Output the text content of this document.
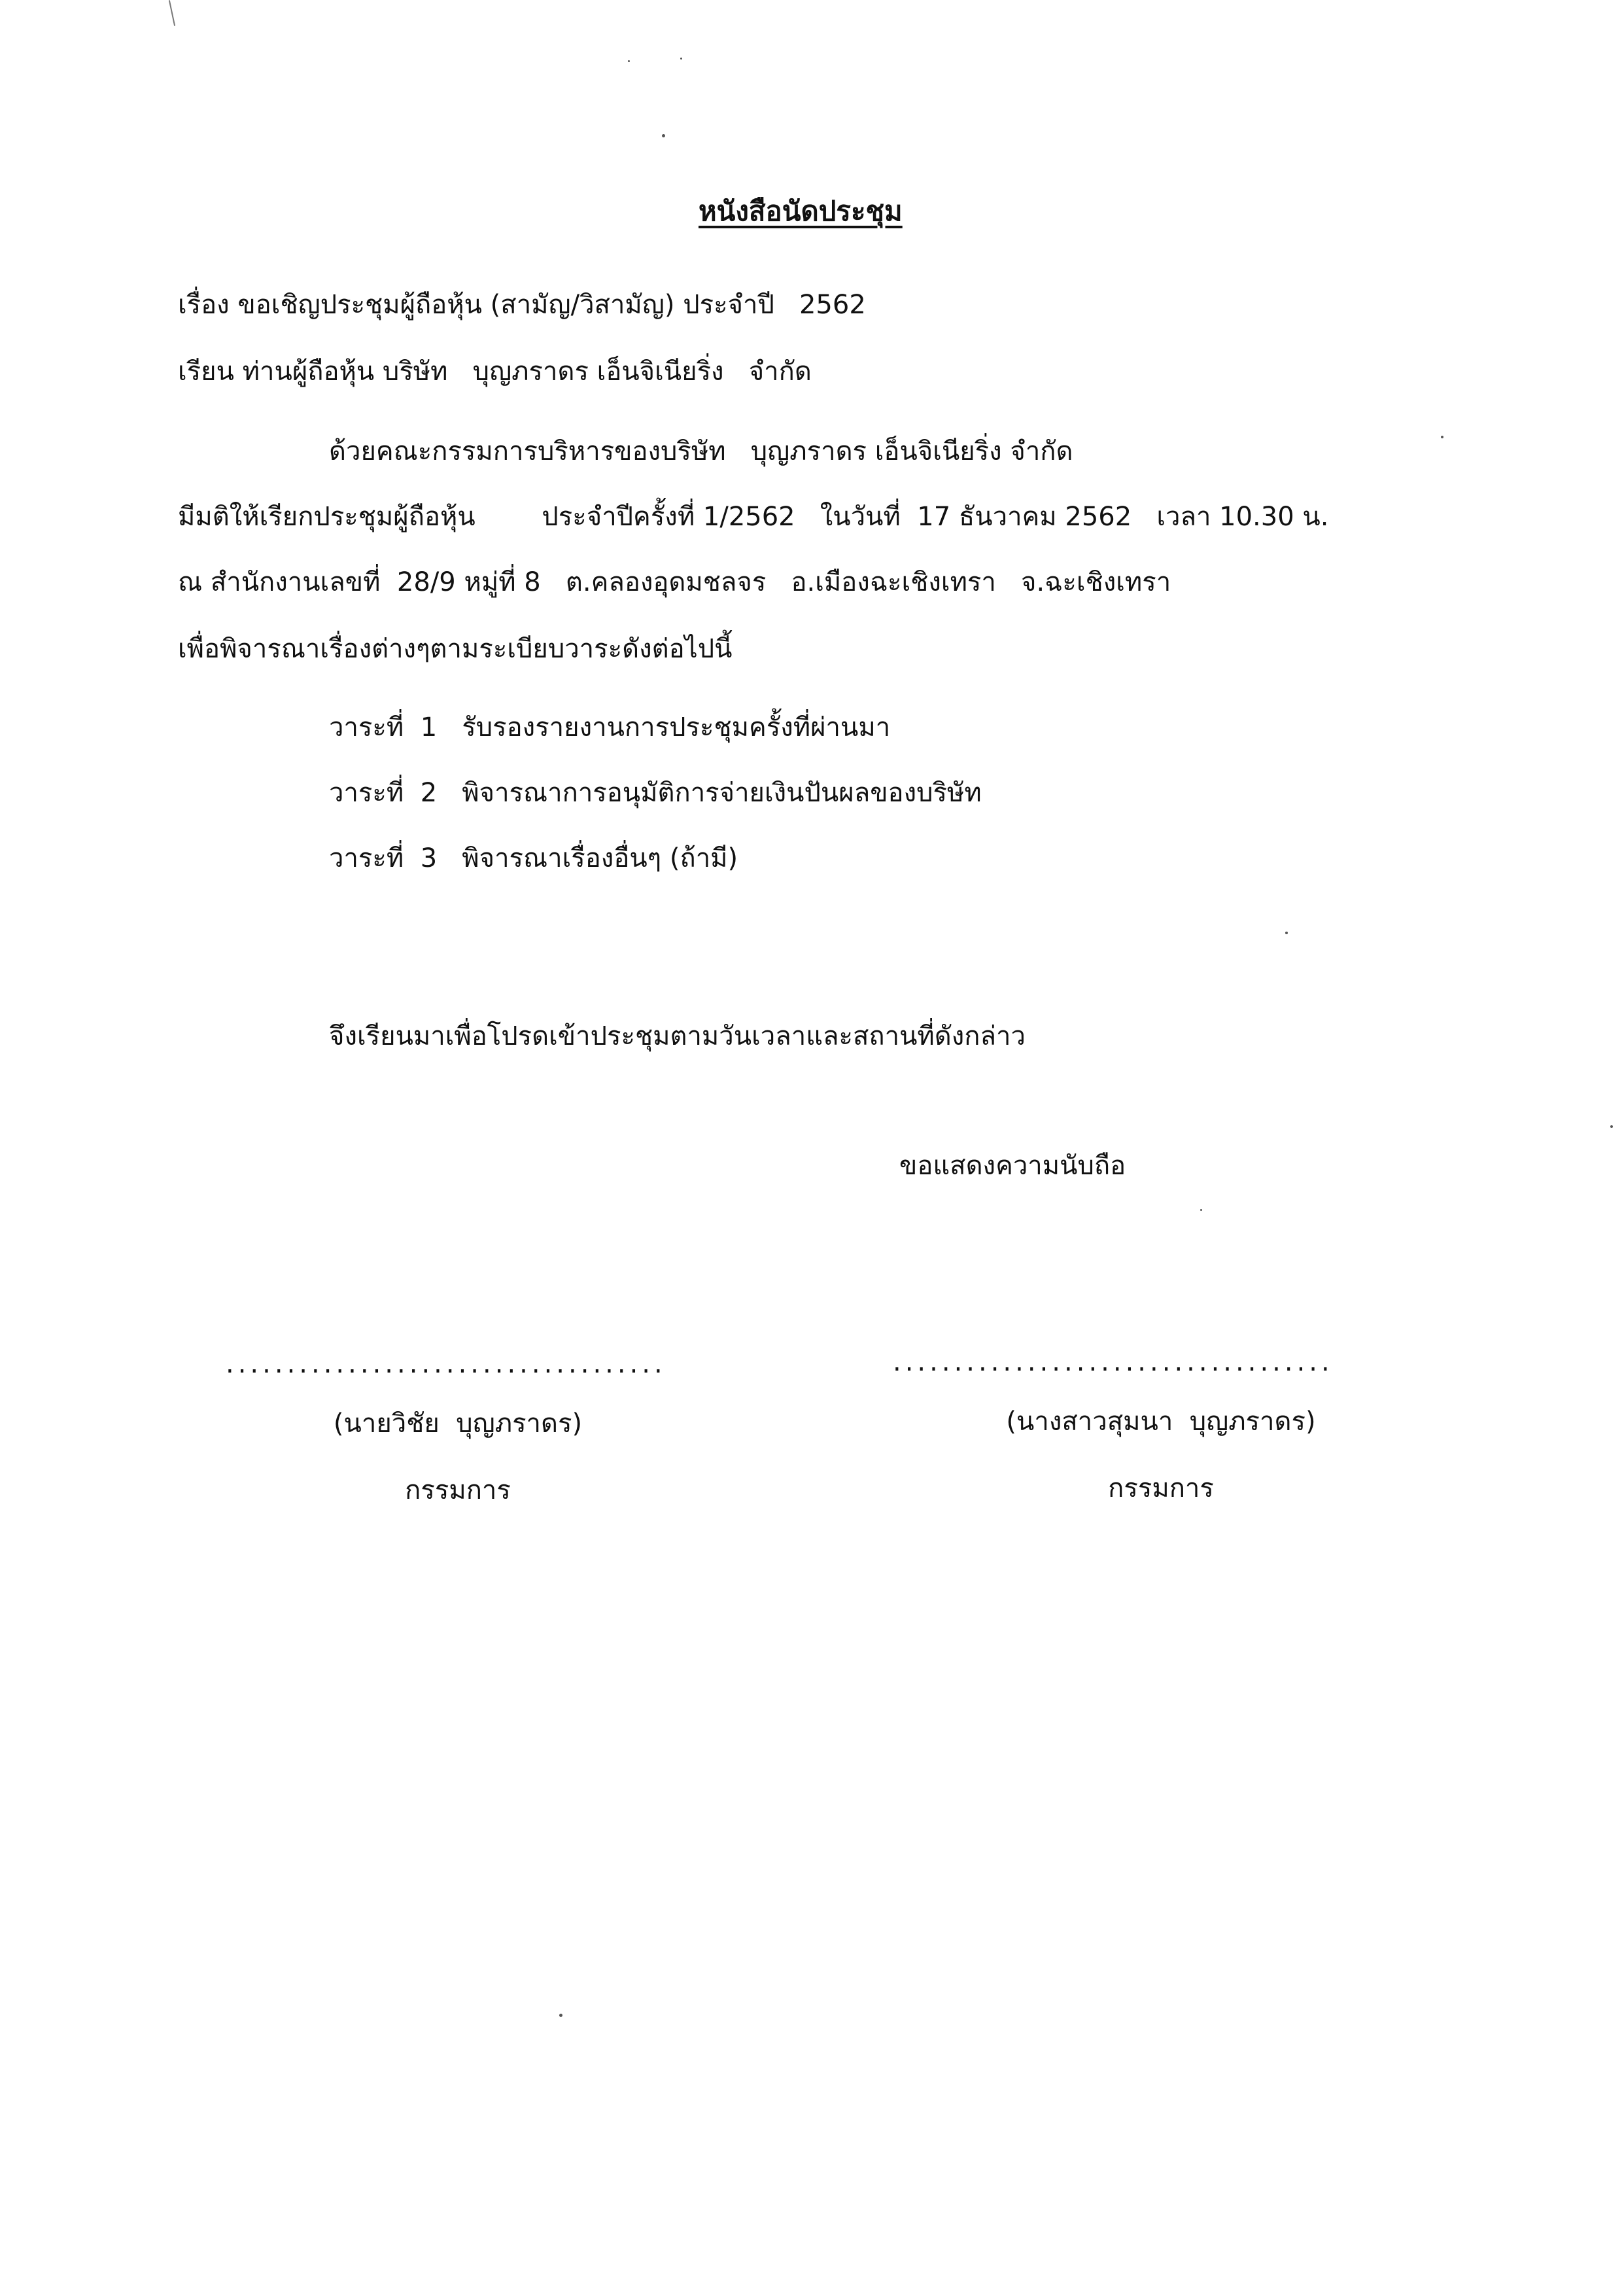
หนังสือนัดประชุม
เรื่อง ขอเชิญประชุมผู้ถือหุ้น (สามัญ/วิสามัญ) ประจำปี   2562
เรียน ท่านผู้ถือหุ้น บริษัท   บุญภราดร เอ็นจิเนียริ่ง   จำกัด
ด้วยคณะกรรมการบริหารของบริษัท   บุญภราดร เอ็นจิเนียริ่ง จำกัด
มีมติให้เรียกประชุมผู้ถือหุ้น        ประจำปีครั้งที่ 1/2562   ในวันที่  17 ธันวาคม 2562   เวลา 10.30 น.
ณ สำนักงานเลขที่  28/9 หมู่ที่ 8   ต.คลองอุดมชลจร   อ.เมืองฉะเชิงเทรา   จ.ฉะเชิงเทรา
เพื่อพิจารณาเรื่องต่างๆตามระเบียบวาระดังต่อไปนี้
วาระที่  1   รับรองรายงานการประชุมครั้งที่ผ่านมา
วาระที่  2   พิจารณาการอนุมัติการจ่ายเงินปันผลของบริษัท
วาระที่  3   พิจารณาเรื่องอื่นๆ (ถ้ามี)
จึงเรียนมาเพื่อโปรดเข้าประชุมตามวันเวลาและสถานที่ดังกล่าว
ขอแสดงความนับถือ
....................................
(นายวิชัย  บุญภราดร)
กรรมการ
....................................
(นางสาวสุมนา  บุญภราดร)
กรรมการ
